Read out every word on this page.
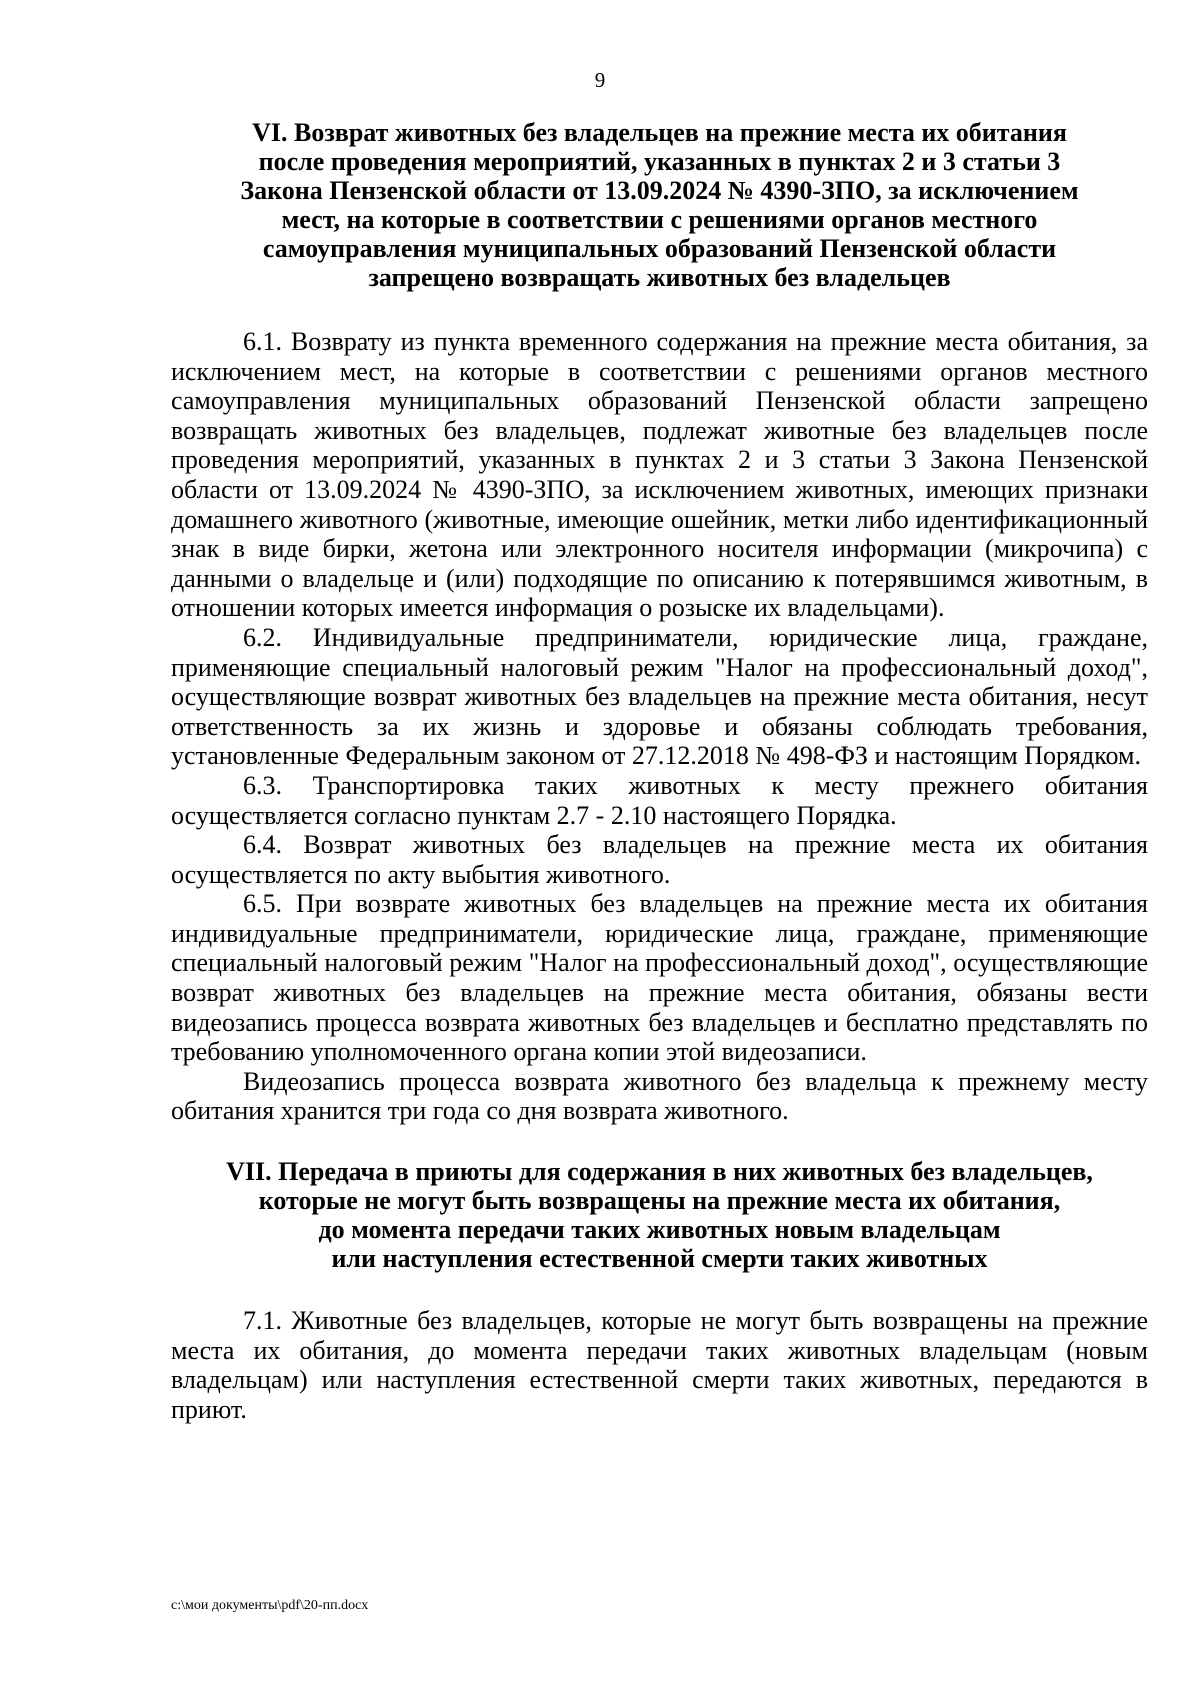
9
VI. Возврат животных без владельцев на прежние места их обитания
после проведения мероприятий, указанных в пунктах 2 и 3 статьи 3
Закона Пензенской области от 13.09.2024 № 4390-ЗПО, за исключением
мест, на которые в соответствии с решениями органов местного
самоуправления муниципальных образований Пензенской области
запрещено возвращать животных без владельцев

6.1. Возврату из пункта временного содержания на прежние места обитания, за исключением мест, на которые в соответствии с решениями органов местного самоуправления муниципальных образований Пензенской области запрещено возвращать животных без владельцев, подлежат животные без владельцев после проведения мероприятий, указанных в пунктах 2 и 3 статьи 3 Закона Пензенской области от 13.09.2024 № 4390-ЗПО, за исключением животных, имеющих признаки домашнего животного (животные, имеющие ошейник, метки либо идентификационный знак в виде бирки, жетона или электронного носителя информации (микрочипа) с данными о владельце и (или) подходящие по описанию к потерявшимся животным, в отношении которых имеется информация о розыске их владельцами).

6.2. Индивидуальные предприниматели, юридические лица, граждане, применяющие специальный налоговый режим "Налог на профессиональный доход", осуществляющие возврат животных без владельцев на прежние места обитания, несут ответственность за их жизнь и здоровье и обязаны соблюдать требования, установленные Федеральным законом от 27.12.2018 № 498-ФЗ и настоящим Порядком.

6.3. Транспортировка таких животных к месту прежнего обитания осуществляется согласно пунктам 2.7 - 2.10 настоящего Порядка.

6.4. Возврат животных без владельцев на прежние места их обитания осуществляется по акту выбытия животного.

6.5. При возврате животных без владельцев на прежние места их обитания индивидуальные предприниматели, юридические лица, граждане, применяющие специальный налоговый режим "Налог на профессиональный доход", осуществляющие возврат животных без владельцев на прежние места обитания, обязаны вести видеозапись процесса возврата животных без владельцев и бесплатно представлять по требованию уполномоченного органа копии этой видеозаписи.

Видеозапись процесса возврата животного без владельца к прежнему месту обитания хранится три года со дня возврата животного.

VII. Передача в приюты для содержания в них животных без владельцев,
которые не могут быть возвращены на прежние места их обитания,
до момента передачи таких животных новым владельцам
или наступления естественной смерти таких животных

7.1. Животные без владельцев, которые не могут быть возвращены на прежние места их обитания, до момента передачи таких животных владельцам (новым владельцам) или наступления естественной смерти таких животных, передаются в приют.

c:\мои документы\pdf\20-пп.docx
